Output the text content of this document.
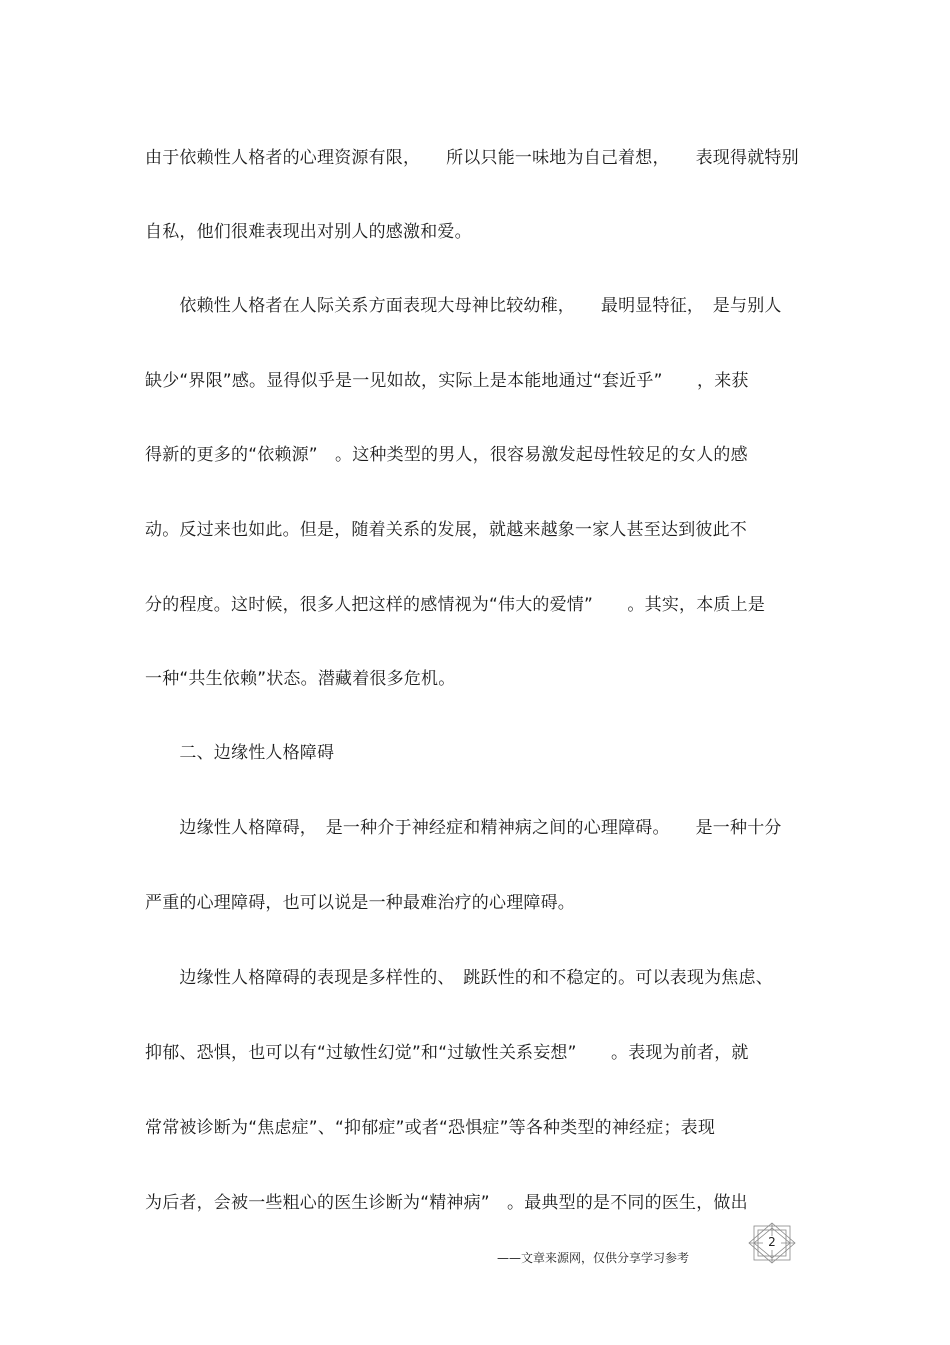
由于依赖性人格者的心理资源有限，　　所以只能一味地为自己着想，　　表现得就特别
自私，他们很难表现出对别人的感激和爱。
　　依赖性人格者在人际关系方面表现大母神比较幼稚，　　最明显特征，　是与别人
缺少“界限”感。显得似乎是一见如故，实际上是本能地通过“套近乎”　　，来获
得新的更多的“依赖源”　。这种类型的男人，很容易激发起母性较足的女人的感
动。反过来也如此。但是，随着关系的发展，就越来越象一家人甚至达到彼此不
分的程度。这时候，很多人把这样的感情视为“伟大的爱情”　　。其实，本质上是
一种“共生依赖”状态。潜藏着很多危机。
　　二、边缘性人格障碍
　　边缘性人格障碍，　是一种介于神经症和精神病之间的心理障碍。　　是一种十分
严重的心理障碍，也可以说是一种最难治疗的心理障碍。
　　边缘性人格障碍的表现是多样性的、　跳跃性的和不稳定的。可以表现为焦虑、
抑郁、恐惧，也可以有“过敏性幻觉”和“过敏性关系妄想”　　。表现为前者，就
常常被诊断为“焦虑症”、“抑郁症”或者“恐惧症”等各种类型的神经症；表现
为后者，会被一些粗心的医生诊断为“精神病”　。最典型的是不同的医生，做出
2
——文章来源网，仅供分享学习参考
